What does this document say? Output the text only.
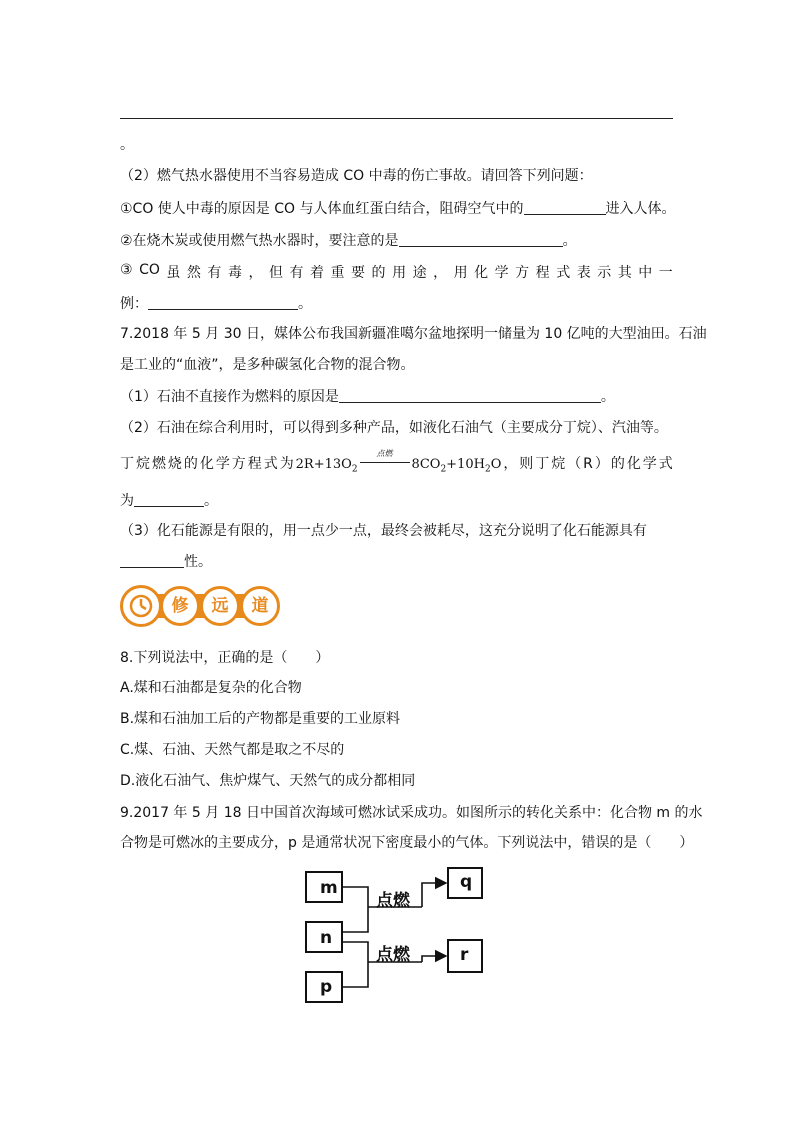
。
（2）燃气热水器使用不当容易造成 CO 中毒的伤亡事故。请回答下列问题：
①CO 使人中毒的原因是 CO 与人体血红蛋白结合，阻碍空气中的	进入人体。
②在烧木炭或使用燃气热水器时，要注意的是	。
③ CO 虽 然 有 毒 ， 但 有 着 重 要 的 用 途 ， 用 化 学 方 程 式 表 示 其 中 一
例：	。
7.2018 年 5 月 30 日，媒体公布我国新疆准噶尔盆地探明一储量为 10 亿吨的大型油田。石油
是工业的“血液”，是多种碳氢化合物的混合物。
（1）石油不直接作为燃料的原因是	。
（2）石油在综合利用时，可以得到多种产品，如液化石油气（主要成分丁烷）、汽油等。
丁 烷 燃 烧 的 化 学 方 程 式 为 $2R+13O_2$
点燃
$8CO_2+10H_2O$ ， 则 丁 烷 （ R ） 的 化 学 式
为	。
（3）化石能源是有限的，用一点少一点，最终会被耗尽，这充分说明了化石能源具有
性。
修	远	道
8.下列说法中，正确的是（　　）
A.煤和石油都是复杂的化合物
B.煤和石油加工后的产物都是重要的工业原料
C.煤、石油、天然气都是取之不尽的
D.液化石油气、焦炉煤气、天然气的成分都相同
9.2017 年 5 月 18 日中国首次海域可燃冰试采成功。如图所示的转化关系中：化合物 m 的水
合物是可燃冰的主要成分，p 是通常状况下密度最小的气体。下列说法中，错误的是（　　）
m
n
p
q
r
点燃
点燃
